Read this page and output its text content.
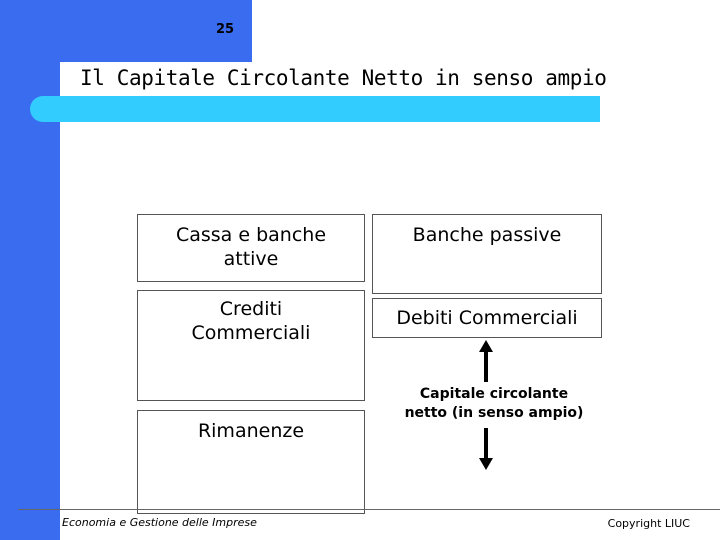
25
Il Capitale Circolante Netto in senso ampio
Cassa e banche
attive
Crediti
Commerciali
Rimanenze
Banche passive
Debiti Commerciali
Capitale circolante
netto (in senso ampio)
Economia e Gestione delle Imprese	Copyright LIUC
